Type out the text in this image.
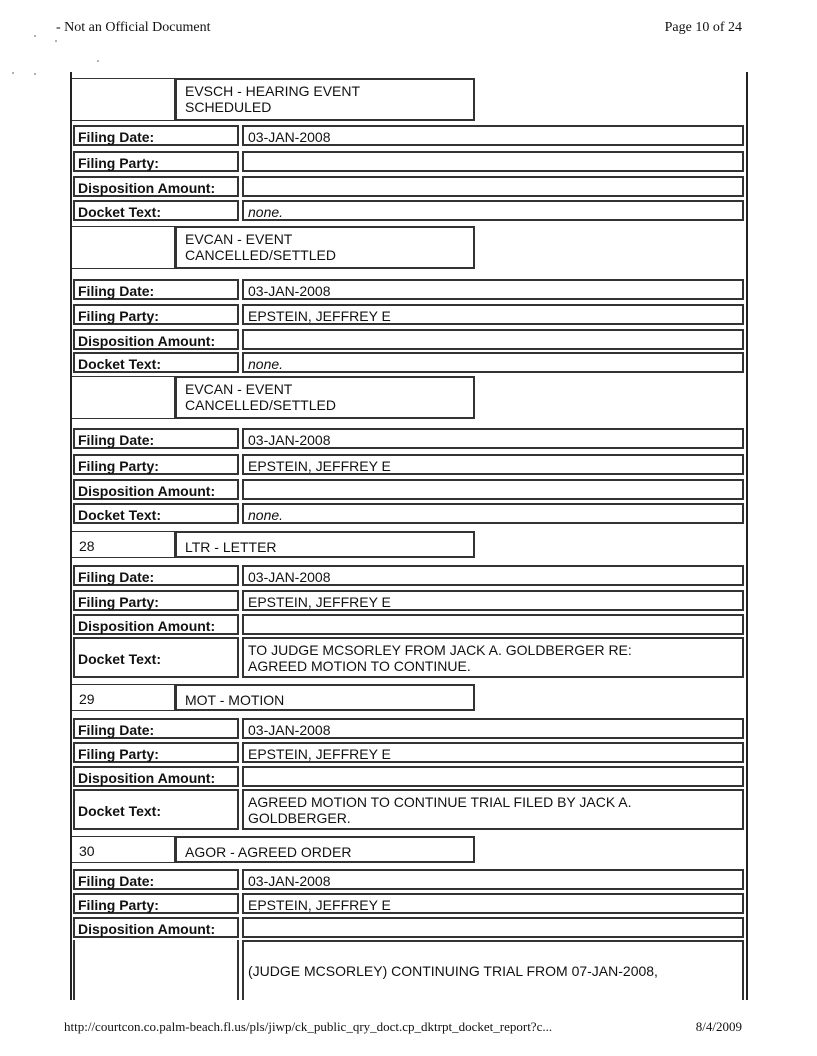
- Not an Official Document	Page 10 of 24
EVSCH - HEARING EVENT
SCHEDULED
Filing Date:	03-JAN-2008
Filing Party:
Disposition Amount:
Docket Text:	none.
EVCAN - EVENT
CANCELLED/SETTLED
Filing Date:	03-JAN-2008
Filing Party:	EPSTEIN, JEFFREY E
Disposition Amount:
Docket Text:	none.
EVCAN - EVENT
CANCELLED/SETTLED
Filing Date:	03-JAN-2008
Filing Party:	EPSTEIN, JEFFREY E
Disposition Amount:
Docket Text:	none.
28	LTR - LETTER
Filing Date:	03-JAN-2008
Filing Party:	EPSTEIN, JEFFREY E
Disposition Amount:
Docket Text:
TO JUDGE MCSORLEY FROM JACK A. GOLDBERGER RE:
AGREED MOTION TO CONTINUE.
29	MOT - MOTION
Filing Date:	03-JAN-2008
Filing Party:	EPSTEIN, JEFFREY E
Disposition Amount:
Docket Text:
AGREED MOTION TO CONTINUE TRIAL FILED BY JACK A.
GOLDBERGER.
30	AGOR - AGREED ORDER
Filing Date:	03-JAN-2008
Filing Party:	EPSTEIN, JEFFREY E
Disposition Amount:
(JUDGE MCSORLEY) CONTINUING TRIAL FROM 07-JAN-2008,
http://courtcon.co.palm-beach.fl.us/pls/jiwp/ck_public_qry_doct.cp_dktrpt_docket_report?c...	8/4/2009
